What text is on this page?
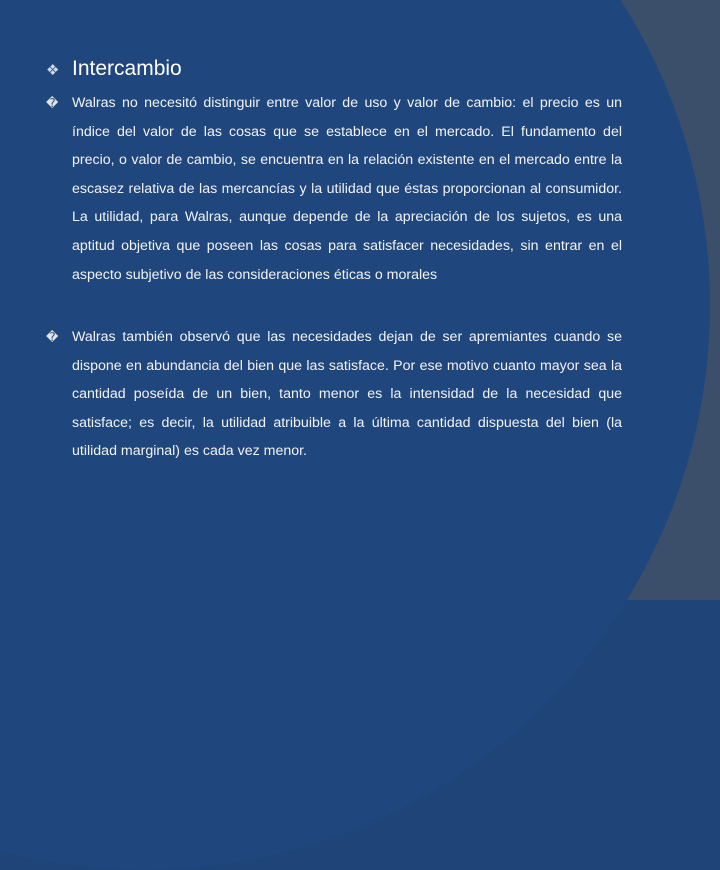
❖ Intercambio
� Walras no necesitó distinguir entre valor de uso y valor de cambio: el precio es un índice del valor de las cosas que se establece en el mercado. El fundamento del precio, o valor de cambio, se encuentra en la relación existente en el mercado entre la escasez relativa de las mercancías y la utilidad que éstas proporcionan al consumidor. La utilidad, para Walras, aunque depende de la apreciación de los sujetos, es una aptitud objetiva que poseen las cosas para satisfacer necesidades, sin entrar en el aspecto subjetivo de las consideraciones éticas o morales
� Walras también observó que las necesidades dejan de ser apremiantes cuando se dispone en abundancia del bien que las satisface. Por ese motivo cuanto mayor sea la cantidad poseída de un bien, tanto menor es la intensidad de la necesidad que satisface; es decir, la utilidad atribuible a la última cantidad dispuesta del bien (la utilidad marginal) es cada vez menor.
